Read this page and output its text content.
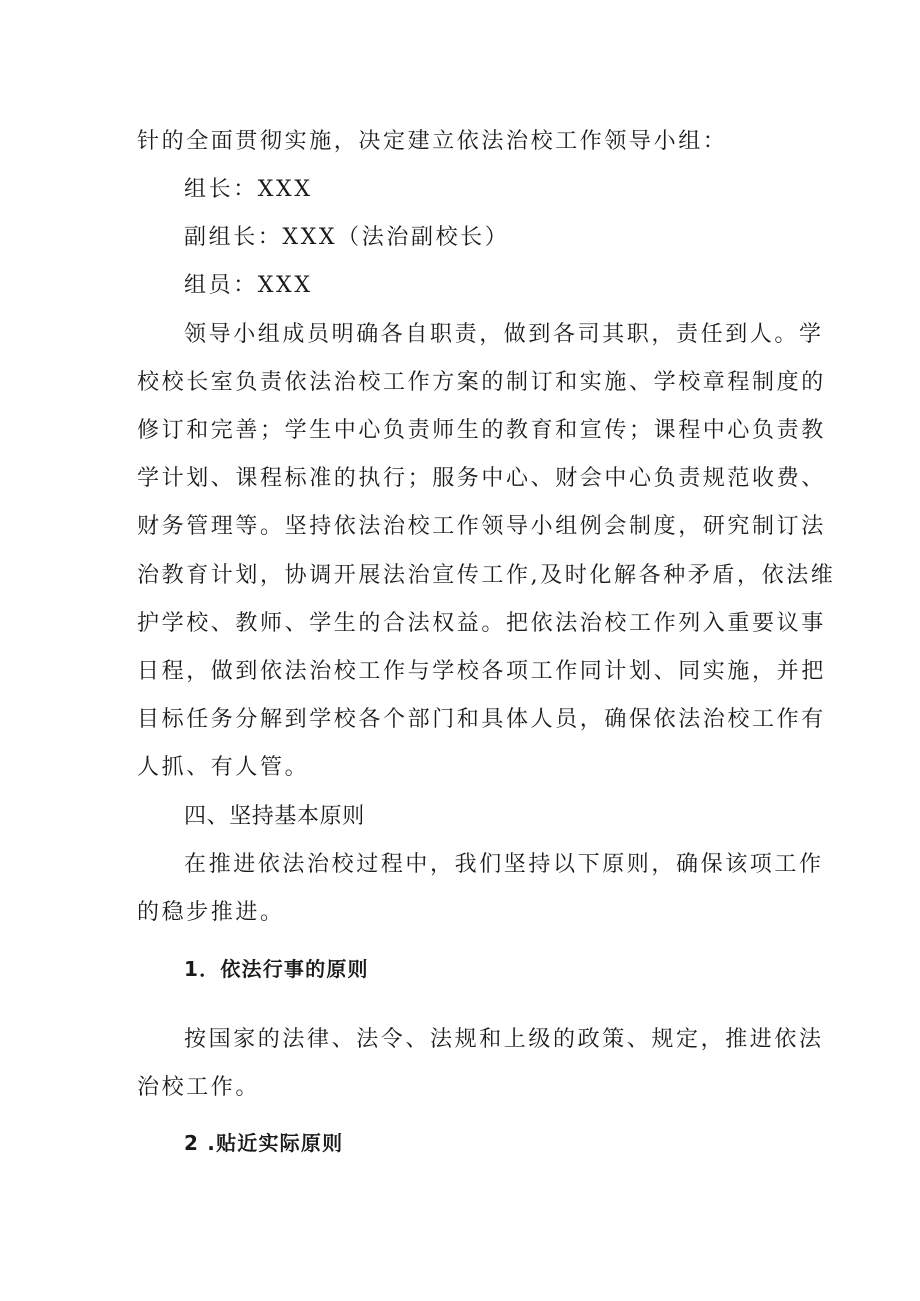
针的全面贯彻实施，决定建立依法治校工作领导小组：
组长：XXX
副组长：XXX（法治副校长）
组员：XXX
领导小组成员明确各自职责，做到各司其职，责任到人。学
校校长室负责依法治校工作方案的制订和实施、学校章程制度的
修订和完善；学生中心负责师生的教育和宣传；课程中心负责教
学计划、课程标准的执行；服务中心、财会中心负责规范收费、
财务管理等。坚持依法治校工作领导小组例会制度，研究制订法
治教育计划，协调开展法治宣传工作,及时化解各种矛盾，依法维
护学校、教师、学生的合法权益。把依法治校工作列入重要议事
日程，做到依法治校工作与学校各项工作同计划、同实施，并把
目标任务分解到学校各个部门和具体人员，确保依法治校工作有
人抓、有人管。
四、坚持基本原则
在推进依法治校过程中，我们坚持以下原则，确保该项工作
的稳步推进。
1．依法行事的原则
按国家的法律、法令、法规和上级的政策、规定，推进依法
治校工作。
2 .贴近实际原则
